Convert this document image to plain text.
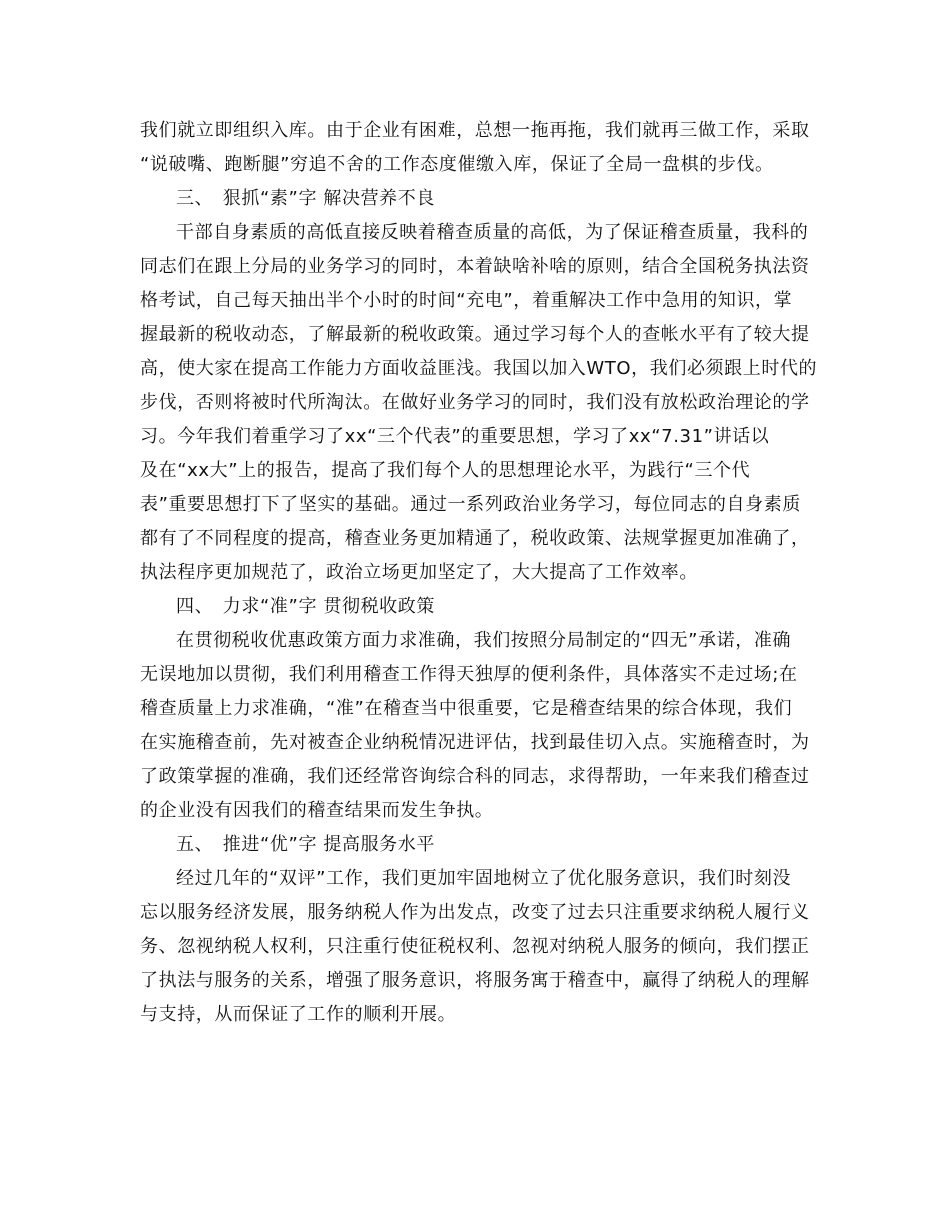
我们就立即组织入库。由于企业有困难，总想一拖再拖，我们就再三做工作，采取
“说破嘴、跑断腿”穷追不舍的工作态度催缴入库，保证了全局一盘棋的步伐。
三、　狠抓“素”字 解决营养不良
干部自身素质的高低直接反映着稽查质量的高低，为了保证稽查质量，我科的
同志们在跟上分局的业务学习的同时，本着缺啥补啥的原则，结合全国税务执法资
格考试，自己每天抽出半个小时的时间“充电”，着重解决工作中急用的知识，掌
握最新的税收动态，了解最新的税收政策。通过学习每个人的查帐水平有了较大提
高，使大家在提高工作能力方面收益匪浅。我国以加入WTO，我们必须跟上时代的
步伐，否则将被时代所淘汰。在做好业务学习的同时，我们没有放松政治理论的学
习。今年我们着重学习了xx“三个代表”的重要思想，学习了xx“7.31”讲话以
及在“xx大”上的报告，提高了我们每个人的思想理论水平，为践行“三个代
表”重要思想打下了坚实的基础。通过一系列政治业务学习，每位同志的自身素质
都有了不同程度的提高，稽查业务更加精通了，税收政策、法规掌握更加准确了，
执法程序更加规范了，政治立场更加坚定了，大大提高了工作效率。
四、　力求“准”字 贯彻税收政策
在贯彻税收优惠政策方面力求准确，我们按照分局制定的“四无”承诺，准确
无误地加以贯彻，我们利用稽查工作得天独厚的便利条件，具体落实不走过场;在
稽查质量上力求准确，“准”在稽查当中很重要，它是稽查结果的综合体现，我们
在实施稽查前，先对被查企业纳税情况进评估，找到最佳切入点。实施稽查时，为
了政策掌握的准确，我们还经常咨询综合科的同志，求得帮助，一年来我们稽查过
的企业没有因我们的稽查结果而发生争执。
五、　推进“优”字 提高服务水平
经过几年的“双评”工作，我们更加牢固地树立了优化服务意识，我们时刻没
忘以服务经济发展，服务纳税人作为出发点，改变了过去只注重要求纳税人履行义
务、忽视纳税人权利，只注重行使征税权利、忽视对纳税人服务的倾向，我们摆正
了执法与服务的关系，增强了服务意识，将服务寓于稽查中，赢得了纳税人的理解
与支持，从而保证了工作的顺利开展。
